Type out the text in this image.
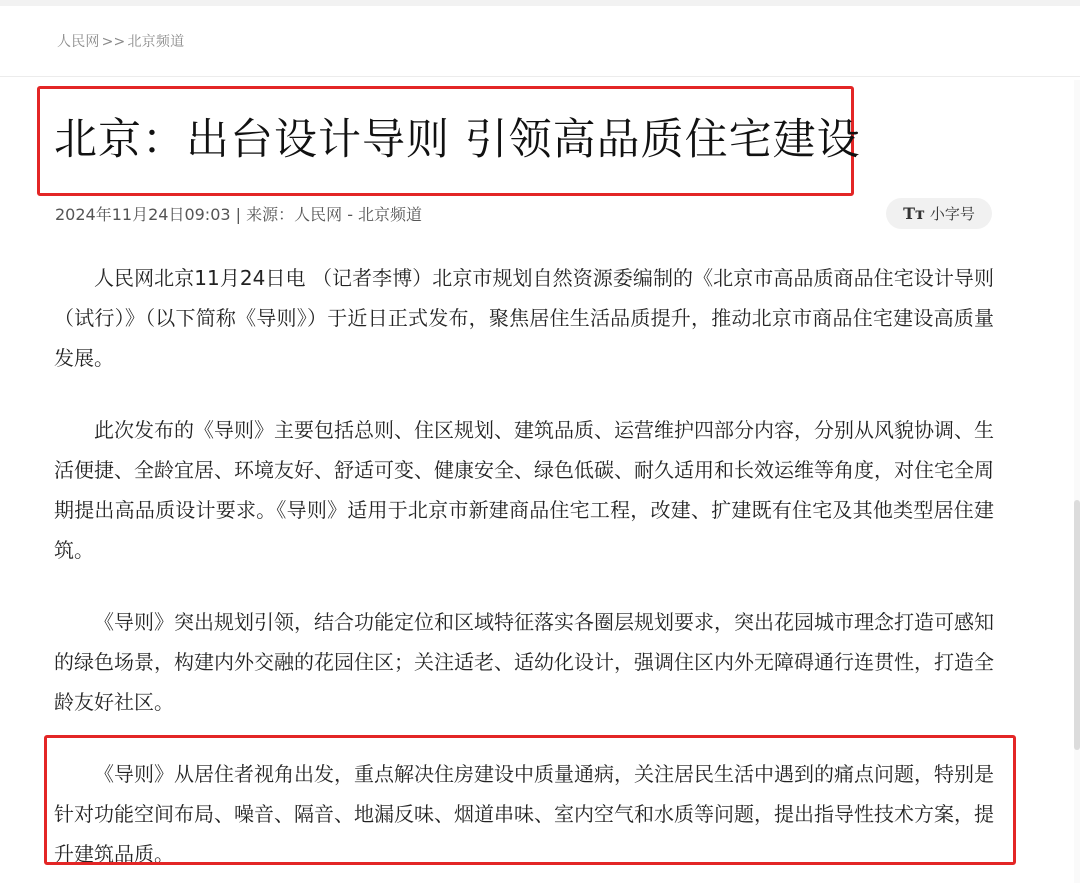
人民网 >> 北京频道
北京：出台设计导则 引领高品质住宅建设
2024年11月24日09:03 | 来源：人民网 - 北京频道	Tт 小字号

人民网北京11月24日电 （记者李博）北京市规划自然资源委编制的《北京市高品质商品住宅设计导则（试行）》（以下简称《导则》）于近日正式发布，聚焦居住生活品质提升，推动北京市商品住宅建设高质量发展。

此次发布的《导则》主要包括总则、住区规划、建筑品质、运营维护四部分内容，分别从风貌协调、生活便捷、全龄宜居、环境友好、舒适可变、健康安全、绿色低碳、耐久适用和长效运维等角度，对住宅全周期提出高品质设计要求。《导则》适用于北京市新建商品住宅工程，改建、扩建既有住宅及其他类型居住建筑。

《导则》突出规划引领，结合功能定位和区域特征落实各圈层规划要求，突出花园城市理念打造可感知的绿色场景，构建内外交融的花园住区；关注适老、适幼化设计，强调住区内外无障碍通行连贯性，打造全龄友好社区。

《导则》从居住者视角出发，重点解决住房建设中质量通病，关注居民生活中遇到的痛点问题，特别是针对功能空间布局、噪音、隔音、地漏反味、烟道串味、室内空气和水质等问题，提出指导性技术方案，提升建筑品质。
